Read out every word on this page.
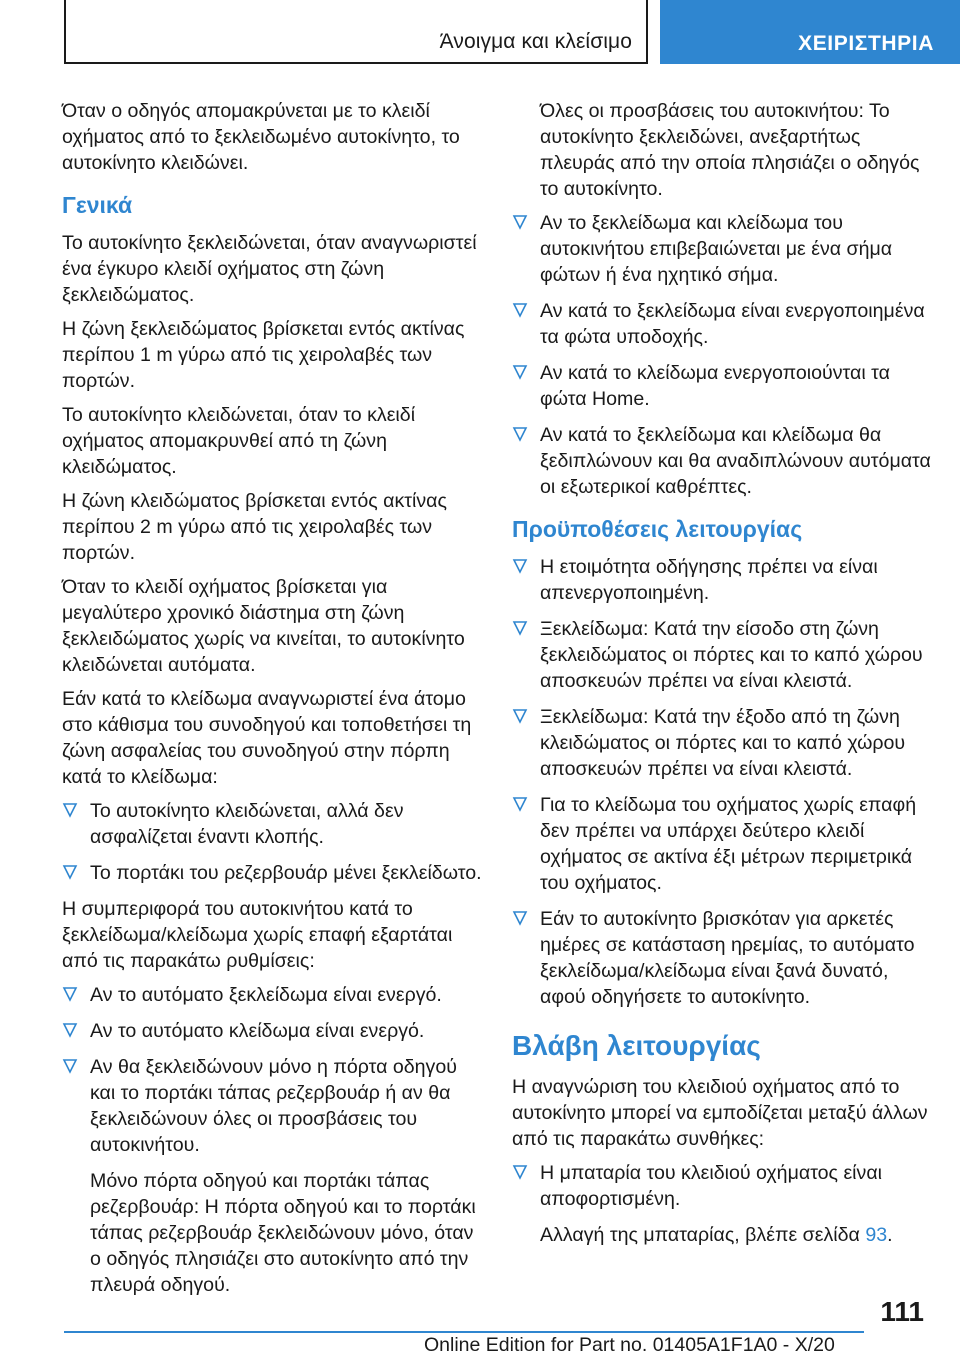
Άνοιγμα και κλείσιμο	ΧΕΙΡΙΣΤΗΡΙΑ

Όταν ο οδηγός απομακρύνεται με το κλειδί οχήματος από το ξεκλειδωμένο αυτοκίνητο, το αυτοκίνητο κλειδώνει.

Γενικά

Το αυτοκίνητο ξεκλειδώνεται, όταν αναγνωριστεί ένα έγκυρο κλειδί οχήματος στη ζώνη ξεκλειδώματος.

Η ζώνη ξεκλειδώματος βρίσκεται εντός ακτίνας περίπου 1 m γύρω από τις χειρολαβές των πορτών.

Το αυτοκίνητο κλειδώνεται, όταν το κλειδί οχήματος απομακρυνθεί από τη ζώνη κλειδώματος.

Η ζώνη κλειδώματος βρίσκεται εντός ακτίνας περίπου 2 m γύρω από τις χειρολαβές των πορτών.

Όταν το κλειδί οχήματος βρίσκεται για μεγαλύτερο χρονικό διάστημα στη ζώνη ξεκλειδώματος χωρίς να κινείται, το αυτοκίνητο κλειδώνεται αυτόματα.

Εάν κατά το κλείδωμα αναγνωριστεί ένα άτομο στο κάθισμα του συνοδηγού και τοποθετήσει τη ζώνη ασφαλείας του συνοδηγού στην πόρπη κατά το κλείδωμα:

Το αυτοκίνητο κλειδώνεται, αλλά δεν ασφαλίζεται έναντι κλοπής.
Το πορτάκι του ρεζερβουάρ μένει ξεκλείδωτο.

Η συμπεριφορά του αυτοκινήτου κατά το ξεκλείδωμα/κλείδωμα χωρίς επαφή εξαρτάται από τις παρακάτω ρυθμίσεις:

Αν το αυτόματο ξεκλείδωμα είναι ενεργό.
Αν το αυτόματο κλείδωμα είναι ενεργό.
Αν θα ξεκλειδώνουν μόνο η πόρτα οδηγού και το πορτάκι τάπας ρεζερβουάρ ή αν θα ξεκλειδώνουν όλες οι προσβάσεις του αυτοκινήτου.

Μόνο πόρτα οδηγού και πορτάκι τάπας ρεζερβουάρ: Η πόρτα οδηγού και το πορτάκι τάπας ρεζερβουάρ ξεκλειδώνουν μόνο, όταν ο οδηγός πλησιάζει στο αυτοκίνητο από την πλευρά οδηγού.

Όλες οι προσβάσεις του αυτοκινήτου: Το αυτοκίνητο ξεκλειδώνει, ανεξαρτήτως πλευράς από την οποία πλησιάζει ο οδηγός το αυτοκίνητο.

Αν το ξεκλείδωμα και κλείδωμα του αυτοκινήτου επιβεβαιώνεται με ένα σήμα φώτων ή ένα ηχητικό σήμα.
Αν κατά το ξεκλείδωμα είναι ενεργοποιημένα τα φώτα υποδοχής.
Αν κατά το κλείδωμα ενεργοποιούνται τα φώτα Home.
Αν κατά το ξεκλείδωμα και κλείδωμα θα ξεδιπλώνουν και θα αναδιπλώνουν αυτόματα οι εξωτερικοί καθρέπτες.
Προϋποθέσεις λειτουργίας
Η ετοιμότητα οδήγησης πρέπει να είναι απενεργοποιημένη.
Ξεκλείδωμα: Κατά την είσοδο στη ζώνη ξεκλειδώματος οι πόρτες και το καπό χώρου αποσκευών πρέπει να είναι κλειστά.
Ξεκλείδωμα: Κατά την έξοδο από τη ζώνη κλειδώματος οι πόρτες και το καπό χώρου αποσκευών πρέπει να είναι κλειστά.
Για το κλείδωμα του οχήματος χωρίς επαφή δεν πρέπει να υπάρχει δεύτερο κλειδί οχήματος σε ακτίνα έξι μέτρων περιμετρικά του οχήματος.
Εάν το αυτοκίνητο βρισκόταν για αρκετές ημέρες σε κατάσταση ηρεμίας, το αυτόματο ξεκλείδωμα/κλείδωμα είναι ξανά δυνατό, αφού οδηγήσετε το αυτοκίνητο.
Βλάβη λειτουργίας

Η αναγνώριση του κλειδιού οχήματος από το αυτοκίνητο μπορεί να εμποδίζεται μεταξύ άλλων από τις παρακάτω συνθήκες:

Η μπαταρία του κλειδιού οχήματος είναι αποφορτισμένη.

Αλλαγή της μπαταρίας, βλέπε σελίδα 93.

111
Online Edition for Part no. 01405A1F1A0 - X/20
